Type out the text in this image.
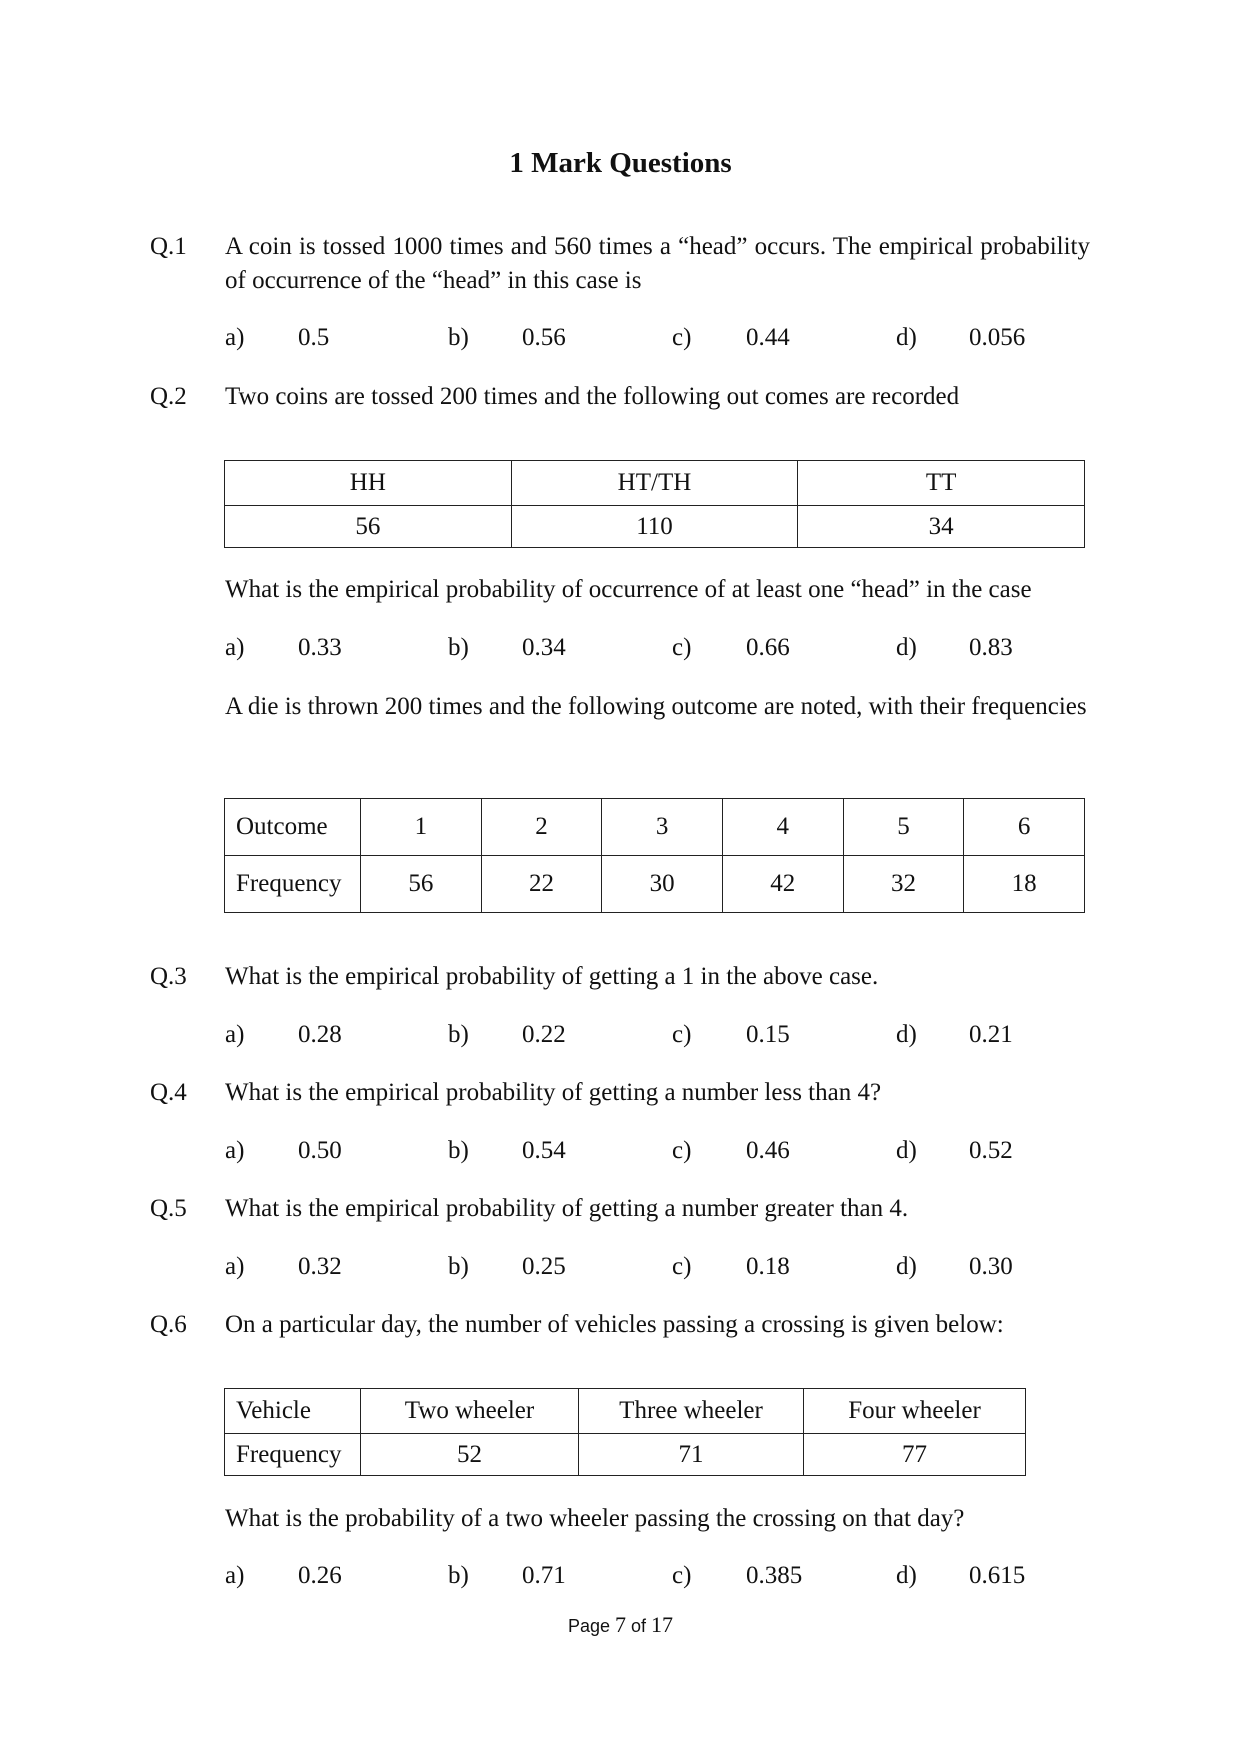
1 Mark Questions
Q.1 A coin is tossed 1000 times and 560 times a “head” occurs. The empirical probability of occurrence of the “head” in this case is
a) 0.5	b) 0.56	c) 0.44	d) 0.056
Q.2 Two coins are tossed 200 times and the following out comes are recorded
HH	HT/TH	TT
56	110	34
What is the empirical probability of occurrence of at least one “head” in the case
a) 0.33	b) 0.34	c) 0.66	d) 0.83
A die is thrown 200 times and the following outcome are noted, with their frequencies
Outcome	1	2	3	4	5	6
Frequency	56	22	30	42	32	18
Q.3 What is the empirical probability of getting a 1 in the above case.
a) 0.28	b) 0.22	c) 0.15	d) 0.21
Q.4 What is the empirical probability of getting a number less than 4?
a) 0.50	b) 0.54	c) 0.46	d) 0.52
Q.5 What is the empirical probability of getting a number greater than 4.
a) 0.32	b) 0.25	c) 0.18	d) 0.30
Q.6 On a particular day, the number of vehicles passing a crossing is given below:
Vehicle	Two wheeler	Three wheeler	Four wheeler
Frequency	52	71	77
What is the probability of a two wheeler passing the crossing on that day?
a) 0.26	b) 0.71	c) 0.385	d) 0.615
Page 7 of 17
